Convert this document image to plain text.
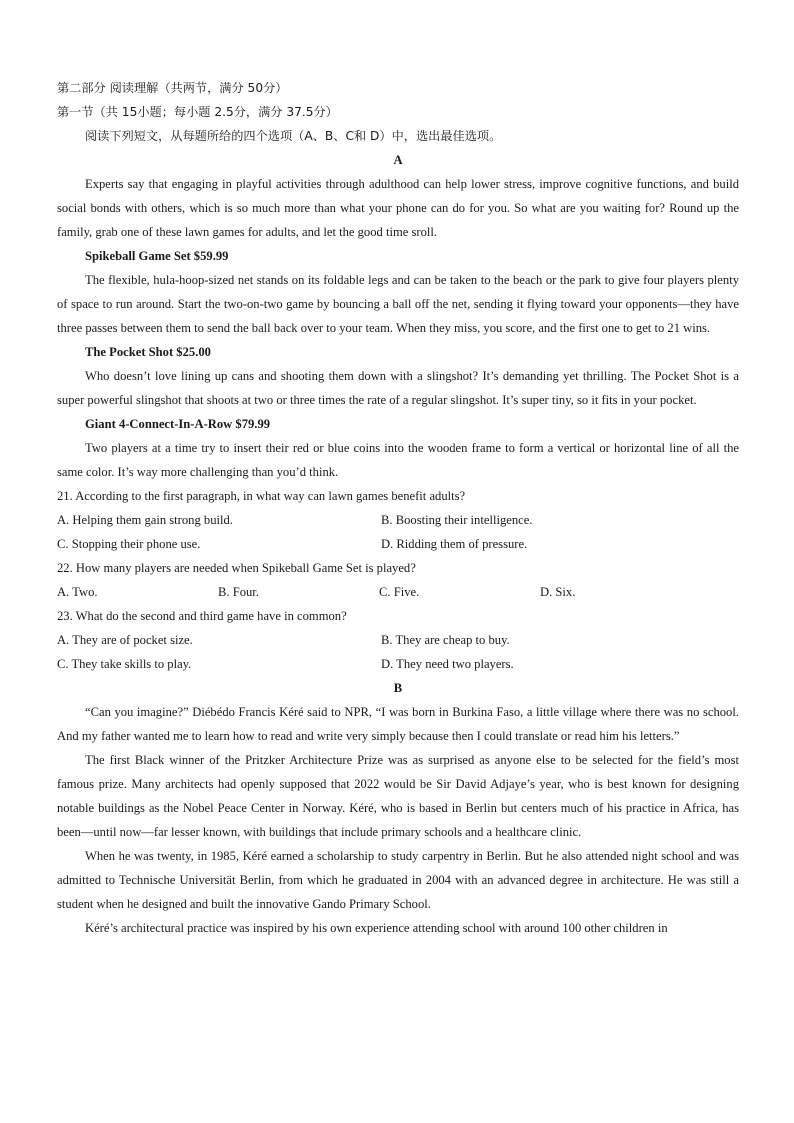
第二部分 阅读理解（共两节，满分 50分）
第一节（共 15小题；每小题 2.5分，满分 37.5分）
阅读下列短文，从每题所给的四个选项（A、B、C和 D）中，选出最佳选项。
A

Experts say that engaging in playful activities through adulthood can help lower stress, improve cognitive functions, and build social bonds with others, which is so much more than what your phone can do for you. So what are you waiting for? Round up the family, grab one of these lawn games for adults, and let the good time sroll.

Spikeball Game Set $59.99

The flexible, hula-hoop-sized net stands on its foldable legs and can be taken to the beach or the park to give four players plenty of space to run around. Start the two-on-two game by bouncing a ball off the net, sending it flying toward your opponents—they have three passes between them to send the ball back over to your team. When they miss, you score, and the first one to get to 21 wins.

The Pocket Shot $25.00

Who doesn’t love lining up cans and shooting them down with a slingshot? It’s demanding yet thrilling. The Pocket Shot is a super powerful slingshot that shoots at two or three times the rate of a regular slingshot. It’s super tiny, so it fits in your pocket.

Giant 4-Connect-In-A-Row $79.99

Two players at a time try to insert their red or blue coins into the wooden frame to form a vertical or horizontal line of all the same color. It’s way more challenging than you’d think.

21. According to the first paragraph, in what way can lawn games benefit adults?
A. Helping them gain strong build.	B. Boosting their intelligence.
C. Stopping their phone use.	D. Ridding them of pressure.
22. How many players are needed when Spikeball Game Set is played?
A. Two.	B. Four.	C. Five.	D. Six.
23. What do the second and third game have in common?
A. They are of pocket size.	B. They are cheap to buy.
C. They take skills to play.	D. They need two players.
B

“Can you imagine?” Diébédo Francis Kéré said to NPR, “I was born in Burkina Faso, a little village where there was no school. And my father wanted me to learn how to read and write very simply because then I could translate or read him his letters.”

The first Black winner of the Pritzker Architecture Prize was as surprised as anyone else to be selected for the field’s most famous prize. Many architects had openly supposed that 2022 would be Sir David Adjaye’s year, who is best known for designing notable buildings as the Nobel Peace Center in Norway. Kéré, who is based in Berlin but centers much of his practice in Africa, has been—until now—far lesser known, with buildings that include primary schools and a healthcare clinic.

When he was twenty, in 1985, Kéré earned a scholarship to study carpentry in Berlin. But he also attended night school and was admitted to Technische Universität Berlin, from which he graduated in 2004 with an advanced degree in architecture. He was still a student when he designed and built the innovative Gando Primary School.

Kéré’s architectural practice was inspired by his own experience attending school with around 100 other children in
